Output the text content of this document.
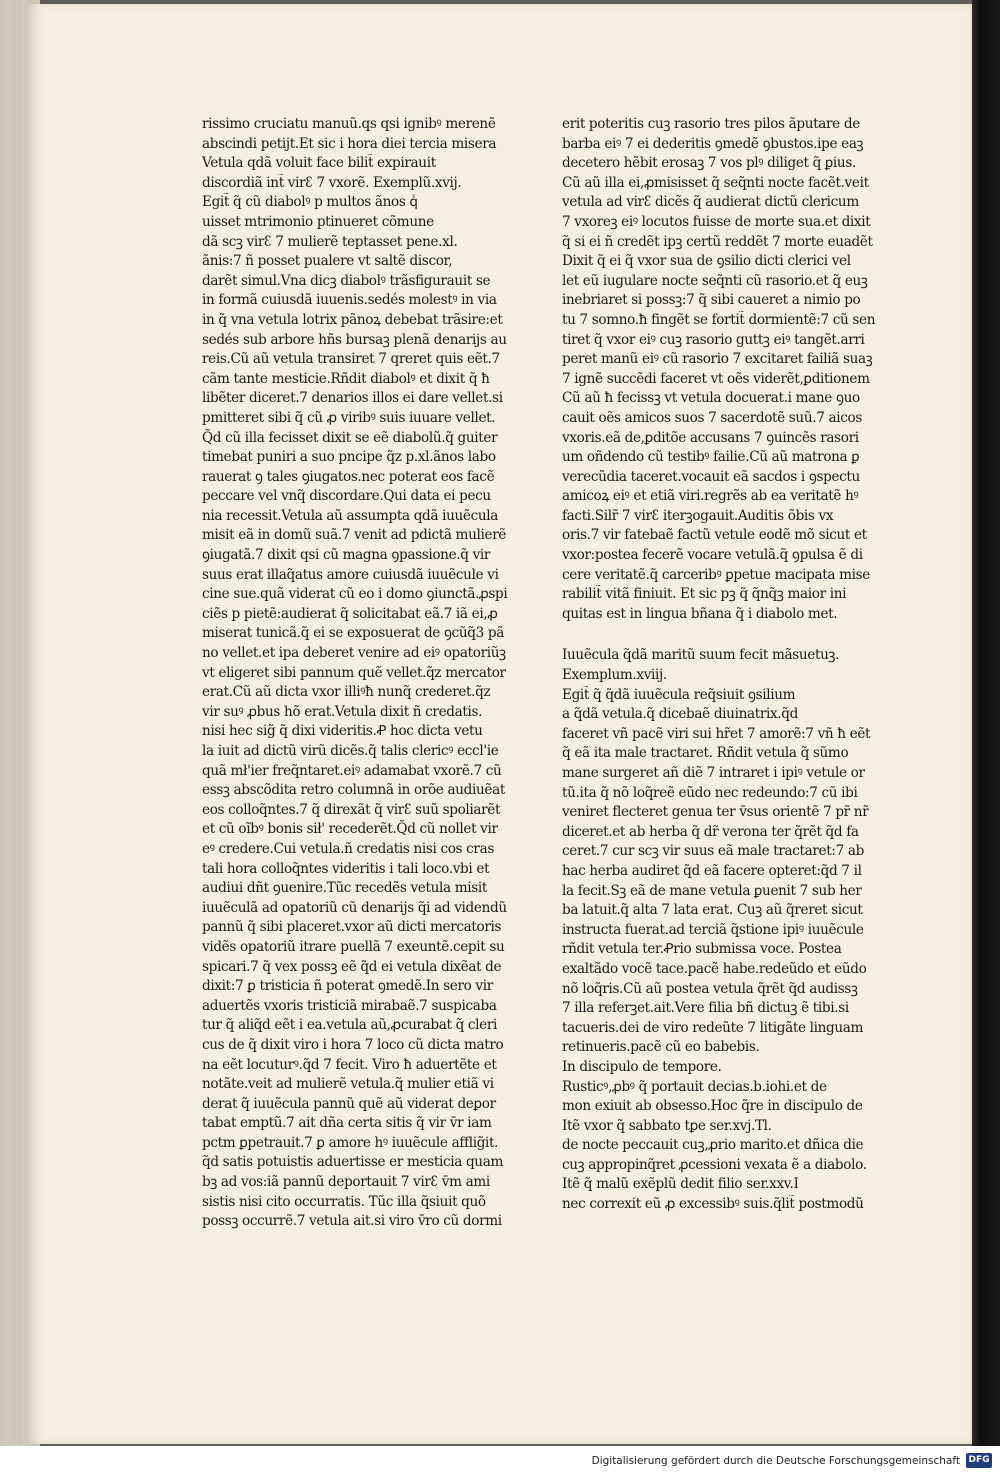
rissimo cruciatu manuũ.qs qsi ignibꝰ merenẽ
abscindi petijt.Et sic i hora diei tercia misera
Vetula qdã voluit face bilit̃ expirauit
discordiã int̃ virꜫ 7 vxorẽ. Exemplũ.xvij.
Egit̃ q̃ cũ diabolꝰ p multos ãnos qᷤ
uisset mtrimonio ptinueret cõmune
dã scꝫ virꜫ 7 mulierẽ teptasset pene.xl.
ãnis:7 ñ posset pualere vt saltẽ discor,
darẽt simul.Vna dicꝫ diabolꝰ trãsfigurauit se
in formã cuiusdã iuuenis.sedés molestꝰ in via
in q̃ vna vetula lotrix pãnoꝝ debebat trãsire:et
sedés sub arbore hñs bursaꝫ plenã denarijs au
reis.Cũ aũ vetula transiret 7 qreret quis eẽt.7
cãm tante mesticie.Rñdit diabolꝰ et dixit q̃ ħ
libẽter diceret.7 denarios illos ei dare vellet.si
pmitteret sibi q̃ cũ ꝓ viribꝰ suis iuuare vellet.
Q̃d cũ illa fecisset dixit se eẽ diabolũ.q̃ guiter
timebat puniri a suo pncipe q̃z p.xl.ãnos labo
rauerat ꝯ tales ꝯiugatos.nec poterat eos facẽ
peccare vel vnq̃ discordare.Qui data ei pecu
nia recessit.Vetula aũ assumpta qdã iuuẽcula
misit eã in domũ suã.7 venit ad pdictã mulierẽ
ꝯiugatã.7 dixit qsi cũ magna ꝯpassione.q̃ vir
suus erat illaq̃atus amore cuiusdã iuuẽcule vi
cine sue.quã viderat cũ eo i domo ꝯiunctã.ꝓspi
ciẽs p pietẽ:audierat q̃ solicitabat eã.7 iã ei,ꝓ
miserat tunicã.q̃ ei se exposuerat de ꝯcũq̃3 pã
no vellet.et ipa deberet venire ad eiꝰ opatoriũꝫ
vt eligeret sibi pannum quẽ vellet.q̃z mercator
erat.Cũ aũ dicta vxor illiꝰħ nunq̃ crederet.q̃z
vir suꝰ ꝓbus hõ erat.Vetula dixit ñ credatis.
nisi hec sig̃ q̃ dixi videritis.Ꝓ hoc dicta vetu
la iuit ad dictũ virũ dicẽs.q̃ talis clericꝰ eccl'ie
quã mł'ier freq̃ntaret.eiꝰ adamabat vxorẽ.7 cũ
essꝫ abscõdita retro columnã in orõe audiuẽat
eos colloq̃ntes.7 q̃ direxãt q̃ virꜫ suũ spoliarẽt
et cũ oĩbꝰ bonis sił' recederẽt.Q̃d cũ nollet vir
eꝰ credere.Cui vetula.ñ credatis nisi cos cras
tali hora colloq̃ntes videritis i tali loco.vbi et
audiui dñt ꝯuenire.Tũc recedẽs vetula misit
iuuẽculã ad opatoriũ cũ denarijs q̃i ad videndũ
pannũ q̃ sibi placeret.vxor aũ dicti mercatoris
vidẽs opatoriũ itrare puellã 7 exeuntẽ.cepit su
spicari.7 q̃ vex possꝫ eẽ q̃d ei vetula dixẽat de
dixit:7 ꝑ tristicia ñ poterat ꝯmedẽ.In sero vir
aduertẽs vxoris tristiciã mirabaẽ.7 suspicaba
tur q̃ aliq̃d eẽt i ea.vetula aũ,ꝓcurabat q̃ cleri
cus de q̃ dixit viro i hora 7 loco cũ dicta matro
na eẽt locuturꝰ.q̃d 7 fecit. Viro ħ aduertẽte et
notãte.veit ad mulierẽ vetula.q̃ mulier etiã vi
derat q̃ iuuẽcula pannũ quẽ aũ viderat deꝑor
tabat emptũ.7 ait dña certa sitis q̃ vir v̄r iam
pctm ꝑpetrauit.7 ꝑ amore hꝰ iuuẽcule afflig̃it.
q̃d satis potuistis aduertisse er mesticia quam
bꝫ ad vos:iã pannũ deportauit 7 virꜫ v̄m ami
sistis nisi cito occurratis. Tũc illa q̃siuit quõ
possꝫ occurrẽ.7 vetula ait.si viro v̄ro cũ dormi
erit poteritis cuꝫ rasorio tres pilos ãputare de
barba eiꝰ 7 ei dederitis ꝯmedẽ ꝯbustos.ipe eaꝫ
decetero hẽbit erosaꝫ 7 vos plꝰ diliget q̃ ꝑius.
Cũ aũ illa ei,ꝓmisisset q̃ seq̃nti nocte facẽt.veit
vetula ad virꜫ dicẽs q̃ audierat dictũ clericum
7 vxoreꝫ eiꝰ locutos fuisse de morte sua.et dixit
q̃ si ei ñ credẽt ipꝫ certũ reddẽt 7 morte euadẽt
Dixit q̃ ei q̃ vxor sua de ꝯsilio dicti clerici vel
let eũ iugulare nocte seq̃nti cũ rasorio.et q̃ euꝫ
inebriaret si possꝫ:7 q̃ sibi caueret a nimio po
tu 7 somno.ħ fingẽt se fortit̃ dormientẽ:7 cũ sen
tiret q̃ vxor eiꝰ cuꝫ rasorio guttꝫ eiꝰ tangẽt.arri
peret manũ eiꝰ cũ rasorio 7 excitaret failiã suaꝫ
7 ignẽ succẽdi faceret vt oẽs viderẽt,ꝑditionem
Cũ aũ ħ fecissꝫ vt vetula docuerat.i mane ꝯuo
cauit oẽs amicos suos 7 sacerdotẽ suũ.7 aicos
vxoris.eã de,ꝑditõe accusans 7 ꝯuincẽs rasori
um oñdendo cũ testibꝰ failie.Cũ aũ matrona ꝑ
verecũdia taceret.vocauit eã sacdos i ꝯspectu
amicoꝝ eiꝰ et etiã viri.regrẽs ab ea veritatẽ hꝰ
facti.Silr̃ 7 virꜫ iterꝫogauit.Auditis õbis vx
oris.7 vir fatebaẽ factũ vetule eodẽ mõ sicut et
vxor:postea fecerẽ vocare vetulã.q̃ ꝯpulsa ẽ di
cere veritatẽ.q̃ carceribꝰ ꝑpetue macipata mise
rabilit̃ vitã finiuit. Et sic pꝫ q̃ q̃nq̃ꝫ maior ini
quitas est in lingua bñana q̃ i diabolo met.
Iuuẽcula q̃dã maritũ suum fecit mãsuetuꝫ.
Exemplum.xviij.
Egit̃ q̃ q̃dã iuuẽcula req̃siuit ꝯsilium
a q̃dã vetula.q̃ dicebaẽ diuinatrix.q̃d
faceret vñ pacẽ viri sui hr̃et 7 amorẽ:7 vñ ħ eẽt
q̃ eã ita male tractaret. Rñdit vetula q̃ sũmo
mane surgeret añ diẽ 7 intraret i ipiꝰ vetule or
tũ.ita q̃ nõ loq̃reẽ eũdo nec redeundo:7 cũ ibi
veniret flecteret genua ter v̄sus orientẽ 7 pr̃ nr̃
diceret.et ab herba q̃ dr̃ verona ter q̃rẽt q̃d fa
ceret.7 cur scꝫ vir suus eã male tractaret:7 ab
hac herba audiret q̃d eã facere opteret:q̃d 7 il
la fecit.Sꝫ eã de mane vetula ꝑuenit 7 sub her
ba latuit.q̃ alta 7 lata erat. Cuꝫ aũ q̃reret sicut
instructa fuerat.ad terciã q̃stione ipiꝰ iuuẽcule
rñdit vetula ter.Ꝓrio submissa voce. Postea
exaltãdo vocẽ tace.pacẽ habe.redeũdo et eũdo
nõ loq̃ris.Cũ aũ postea vetula q̃rẽt q̃d audissꝫ
7 illa referꝫet.ait.Vere filia bñ dictuꝫ ẽ tibi.si
tacueris.dei de viro redeũte 7 litigãte linguam
retinueris.pacẽ cũ eo babebis.
In discipulo de tempore.
Rusticꝰ,ꝓbꝰ q̃ portauit decias.b.iohi.et de
mon exiuit ab obsesso.Hoc q̃re in discipulo de
Itẽ vxor q̃ sabbato tꝑe ser.xvj.Tl.
de nocte peccauit cuꝫ,ꝓrio marito.et dñica die
cuꝫ appropinq̃ret ꝓcessioni vexata ẽ a diabolo.
Itẽ q̃ malũ exẽplũ dedit filio ser.xxv.I
nec correxit eũ ꝓ excessibꝰ suis.q̃lit̃ postmodũ
Digitalisierung gefördert durch die Deutsche Forschungsgemeinschaft DFG
